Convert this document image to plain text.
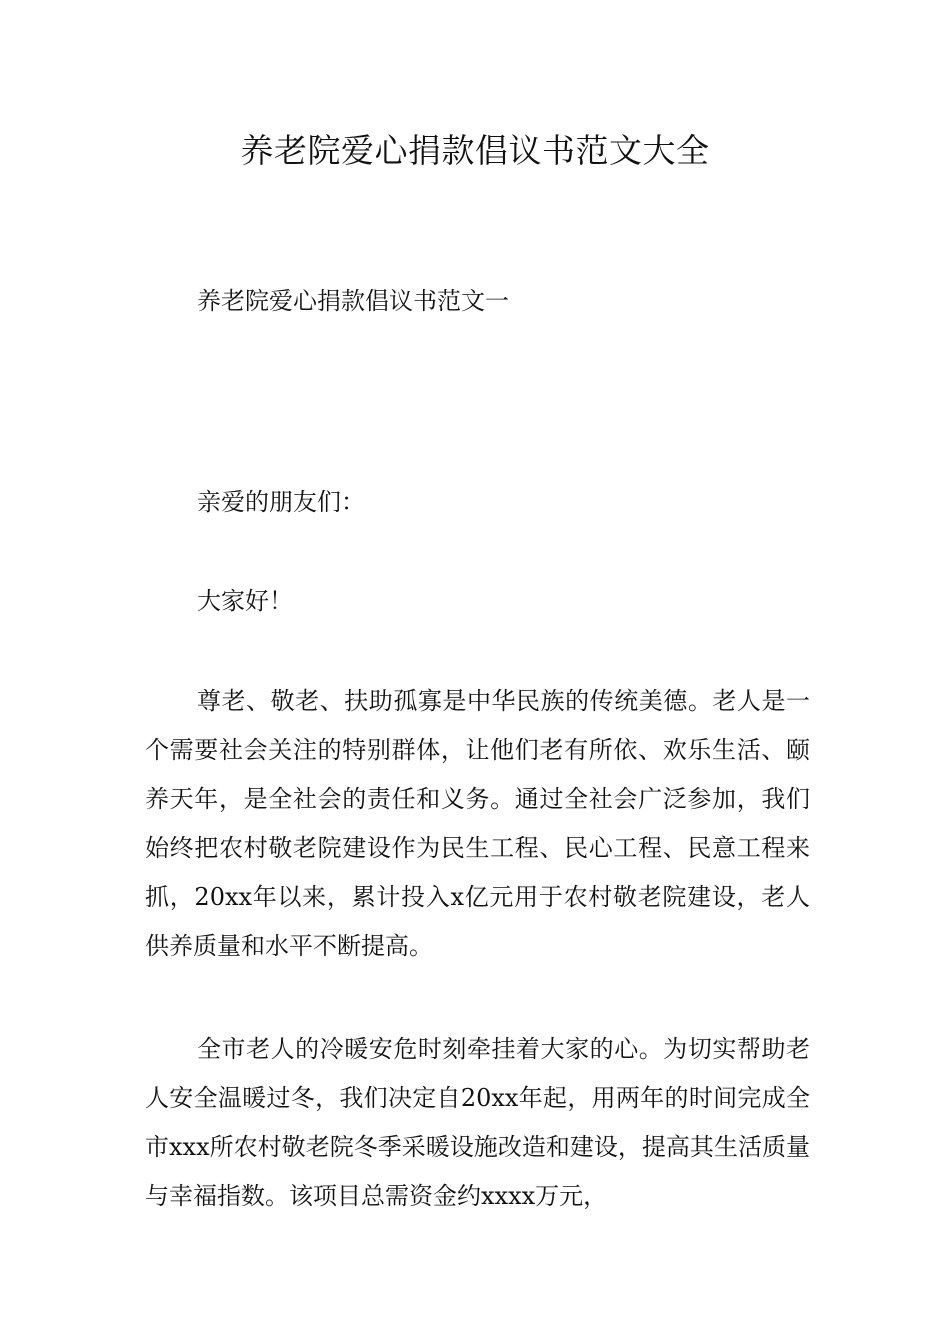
养老院爱心捐款倡议书范文大全

养老院爱心捐款倡议书范文一

亲爱的朋友们：

大家好！

尊老、敬老、扶助孤寡是中华民族的传统美德。老人是一个需要社会关注的特别群体，让他们老有所依、欢乐生活、颐养天年，是全社会的责任和义务。通过全社会广泛参加，我们始终把农村敬老院建设作为民生工程、民心工程、民意工程来抓，20xx年以来，累计投入x亿元用于农村敬老院建设，老人供养质量和水平不断提高。

全市老人的冷暖安危时刻牵挂着大家的心。为切实帮助老人安全温暖过冬，我们决定自20xx年起，用两年的时间完成全市xxx所农村敬老院冬季采暖设施改造和建设，提高其生活质量与幸福指数。该项目总需资金约xxxx万元，
